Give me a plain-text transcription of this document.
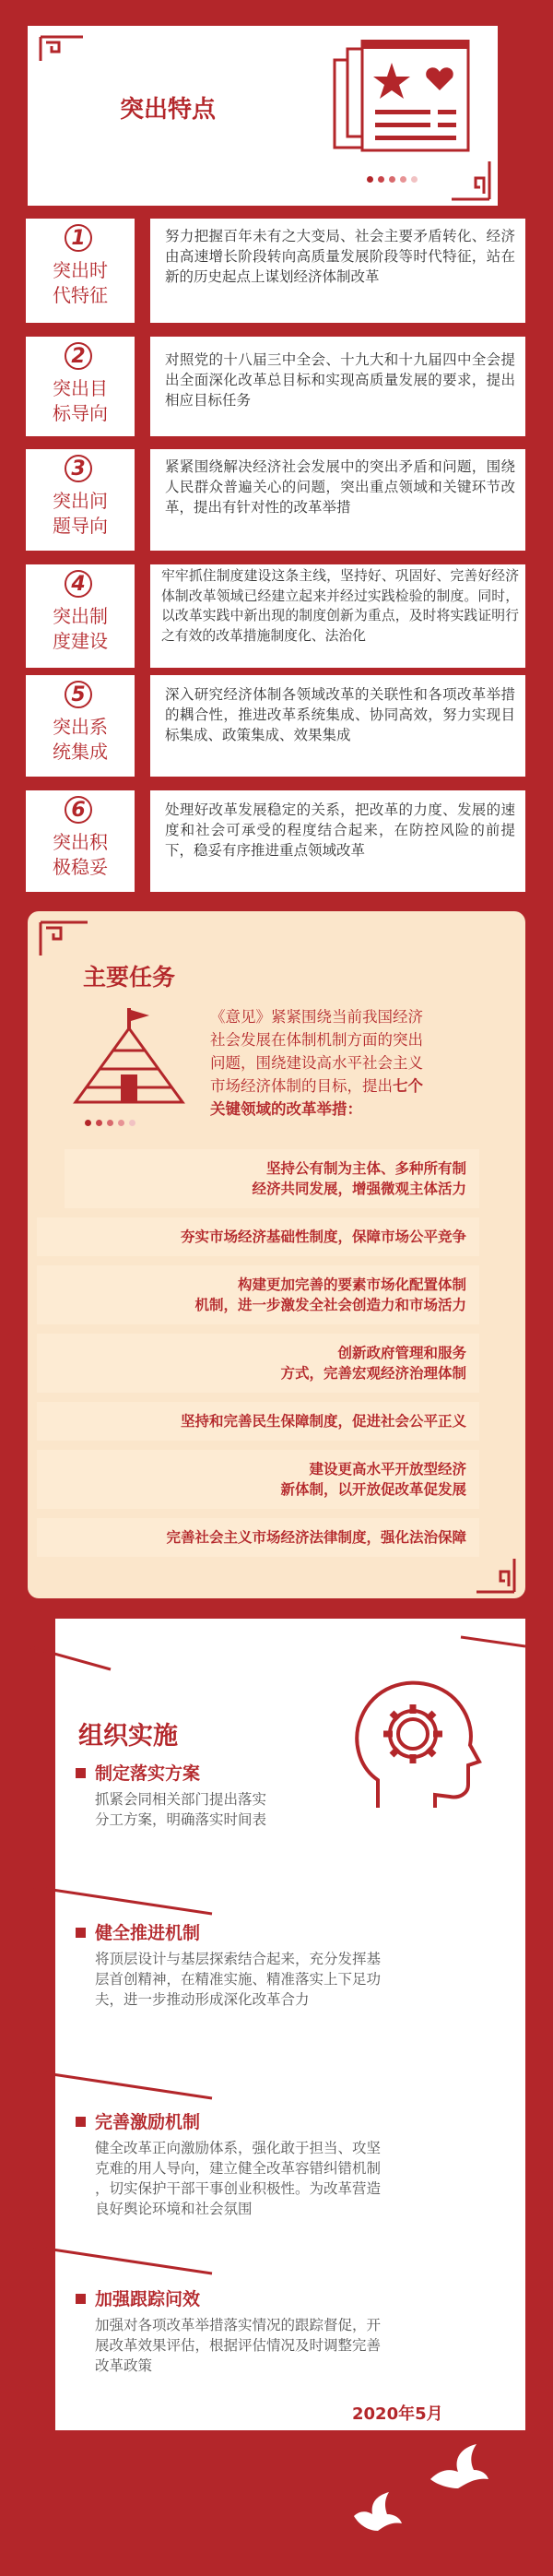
突出特点
1
突出时
代特征
努力把握百年未有之大变局、社会主要矛盾转化、经济由高速增长阶段转向高质量发展阶段等时代特征，站在新的历史起点上谋划经济体制改革
2
突出目
标导向
对照党的十八届三中全会、十九大和十九届四中全会提出全面深化改革总目标和实现高质量发展的要求，提出相应目标任务
3
突出问
题导向
紧紧围绕解决经济社会发展中的突出矛盾和问题，围绕人民群众普遍关心的问题，突出重点领域和关键环节改革，提出有针对性的改革举措
4
突出制
度建设
牢牢抓住制度建设这条主线，坚持好、巩固好、完善好经济体制改革领域已经建立起来并经过实践检验的制度。同时，以改革实践中新出现的制度创新为重点，及时将实践证明行之有效的改革措施制度化、法治化
5
突出系
统集成
深入研究经济体制各领域改革的关联性和各项改革举措的耦合性，推进改革系统集成、协同高效，努力实现目标集成、政策集成、效果集成
6
突出积
极稳妥
处理好改革发展稳定的关系，把改革的力度、发展的速度和社会可承受的程度结合起来，在防控风险的前提下，稳妥有序推进重点领域改革
主要任务
《意见》紧紧围绕当前我国经济
社会发展在体制机制方面的突出
问题，围绕建设高水平社会主义
市场经济体制的目标，提出七个
关键领域的改革举措：
坚持公有制为主体、多种所有制
经济共同发展，增强微观主体活力
夯实市场经济基础性制度，保障市场公平竞争
构建更加完善的要素市场化配置体制
机制，进一步激发全社会创造力和市场活力
创新政府管理和服务
方式，完善宏观经济治理体制
坚持和完善民生保障制度，促进社会公平正义
建设更高水平开放型经济
新体制，以开放促改革促发展
完善社会主义市场经济法律制度，强化法治保障
组织实施
制定落实方案
抓紧会同相关部门提出落实
分工方案，明确落实时间表
健全推进机制
将顶层设计与基层探索结合起来，充分发挥基
层首创精神，在精准实施、精准落实上下足功
夫，进一步推动形成深化改革合力
完善激励机制
健全改革正向激励体系，强化敢于担当、攻坚
克难的用人导向，建立健全改革容错纠错机制
，切实保护干部干事创业积极性。为改革营造
良好舆论环境和社会氛围
加强跟踪问效
加强对各项改革举措落实情况的跟踪督促，开
展改革效果评估，根据评估情况及时调整完善
改革政策
2020年5月
